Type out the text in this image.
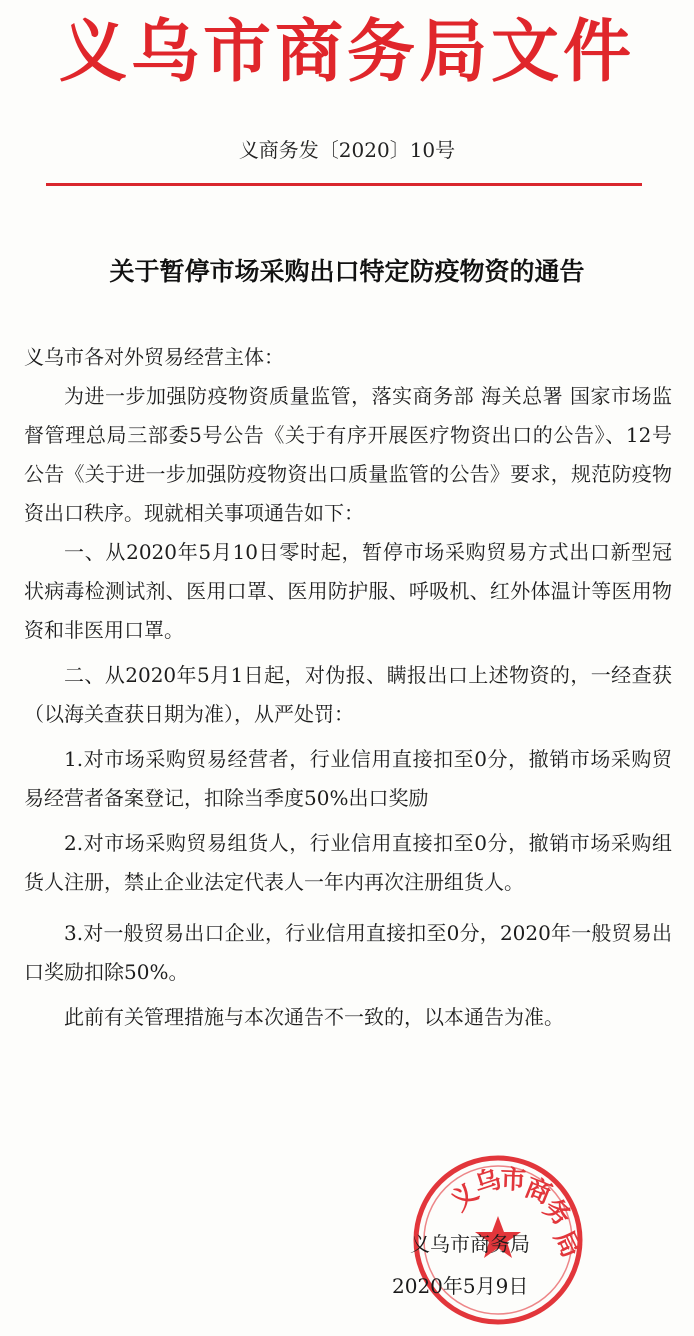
义乌市商务局文件
义商务发〔2020〕10号
关于暂停市场采购出口特定防疫物资的通告

义乌市各对外贸易经营主体：

为进一步加强防疫物资质量监管，落实商务部 海关总署 国家市场监督管理总局三部委5号公告《关于有序开展医疗物资出口的公告》、12号公告《关于进一步加强防疫物资出口质量监管的公告》要求，规范防疫物资出口秩序。现就相关事项通告如下：

一、从2020年5月10日零时起，暂停市场采购贸易方式出口新型冠状病毒检测试剂、医用口罩、医用防护服、呼吸机、红外体温计等医用物资和非医用口罩。

二、从2020年5月1日起，对伪报、瞒报出口上述物资的，一经查获（以海关查获日期为准），从严处罚：

1.对市场采购贸易经营者，行业信用直接扣至0分，撤销市场采购贸易经营者备案登记，扣除当季度50%出口奖励

2.对市场采购贸易组货人，行业信用直接扣至0分，撤销市场采购组货人注册，禁止企业法定代表人一年内再次注册组货人。

3.对一般贸易出口企业，行业信用直接扣至0分，2020年一般贸易出口奖励扣除50%。

此前有关管理措施与本次通告不一致的，以本通告为准。

义
乌
市
商
务
局
义乌市商务局
2020年5月9日
